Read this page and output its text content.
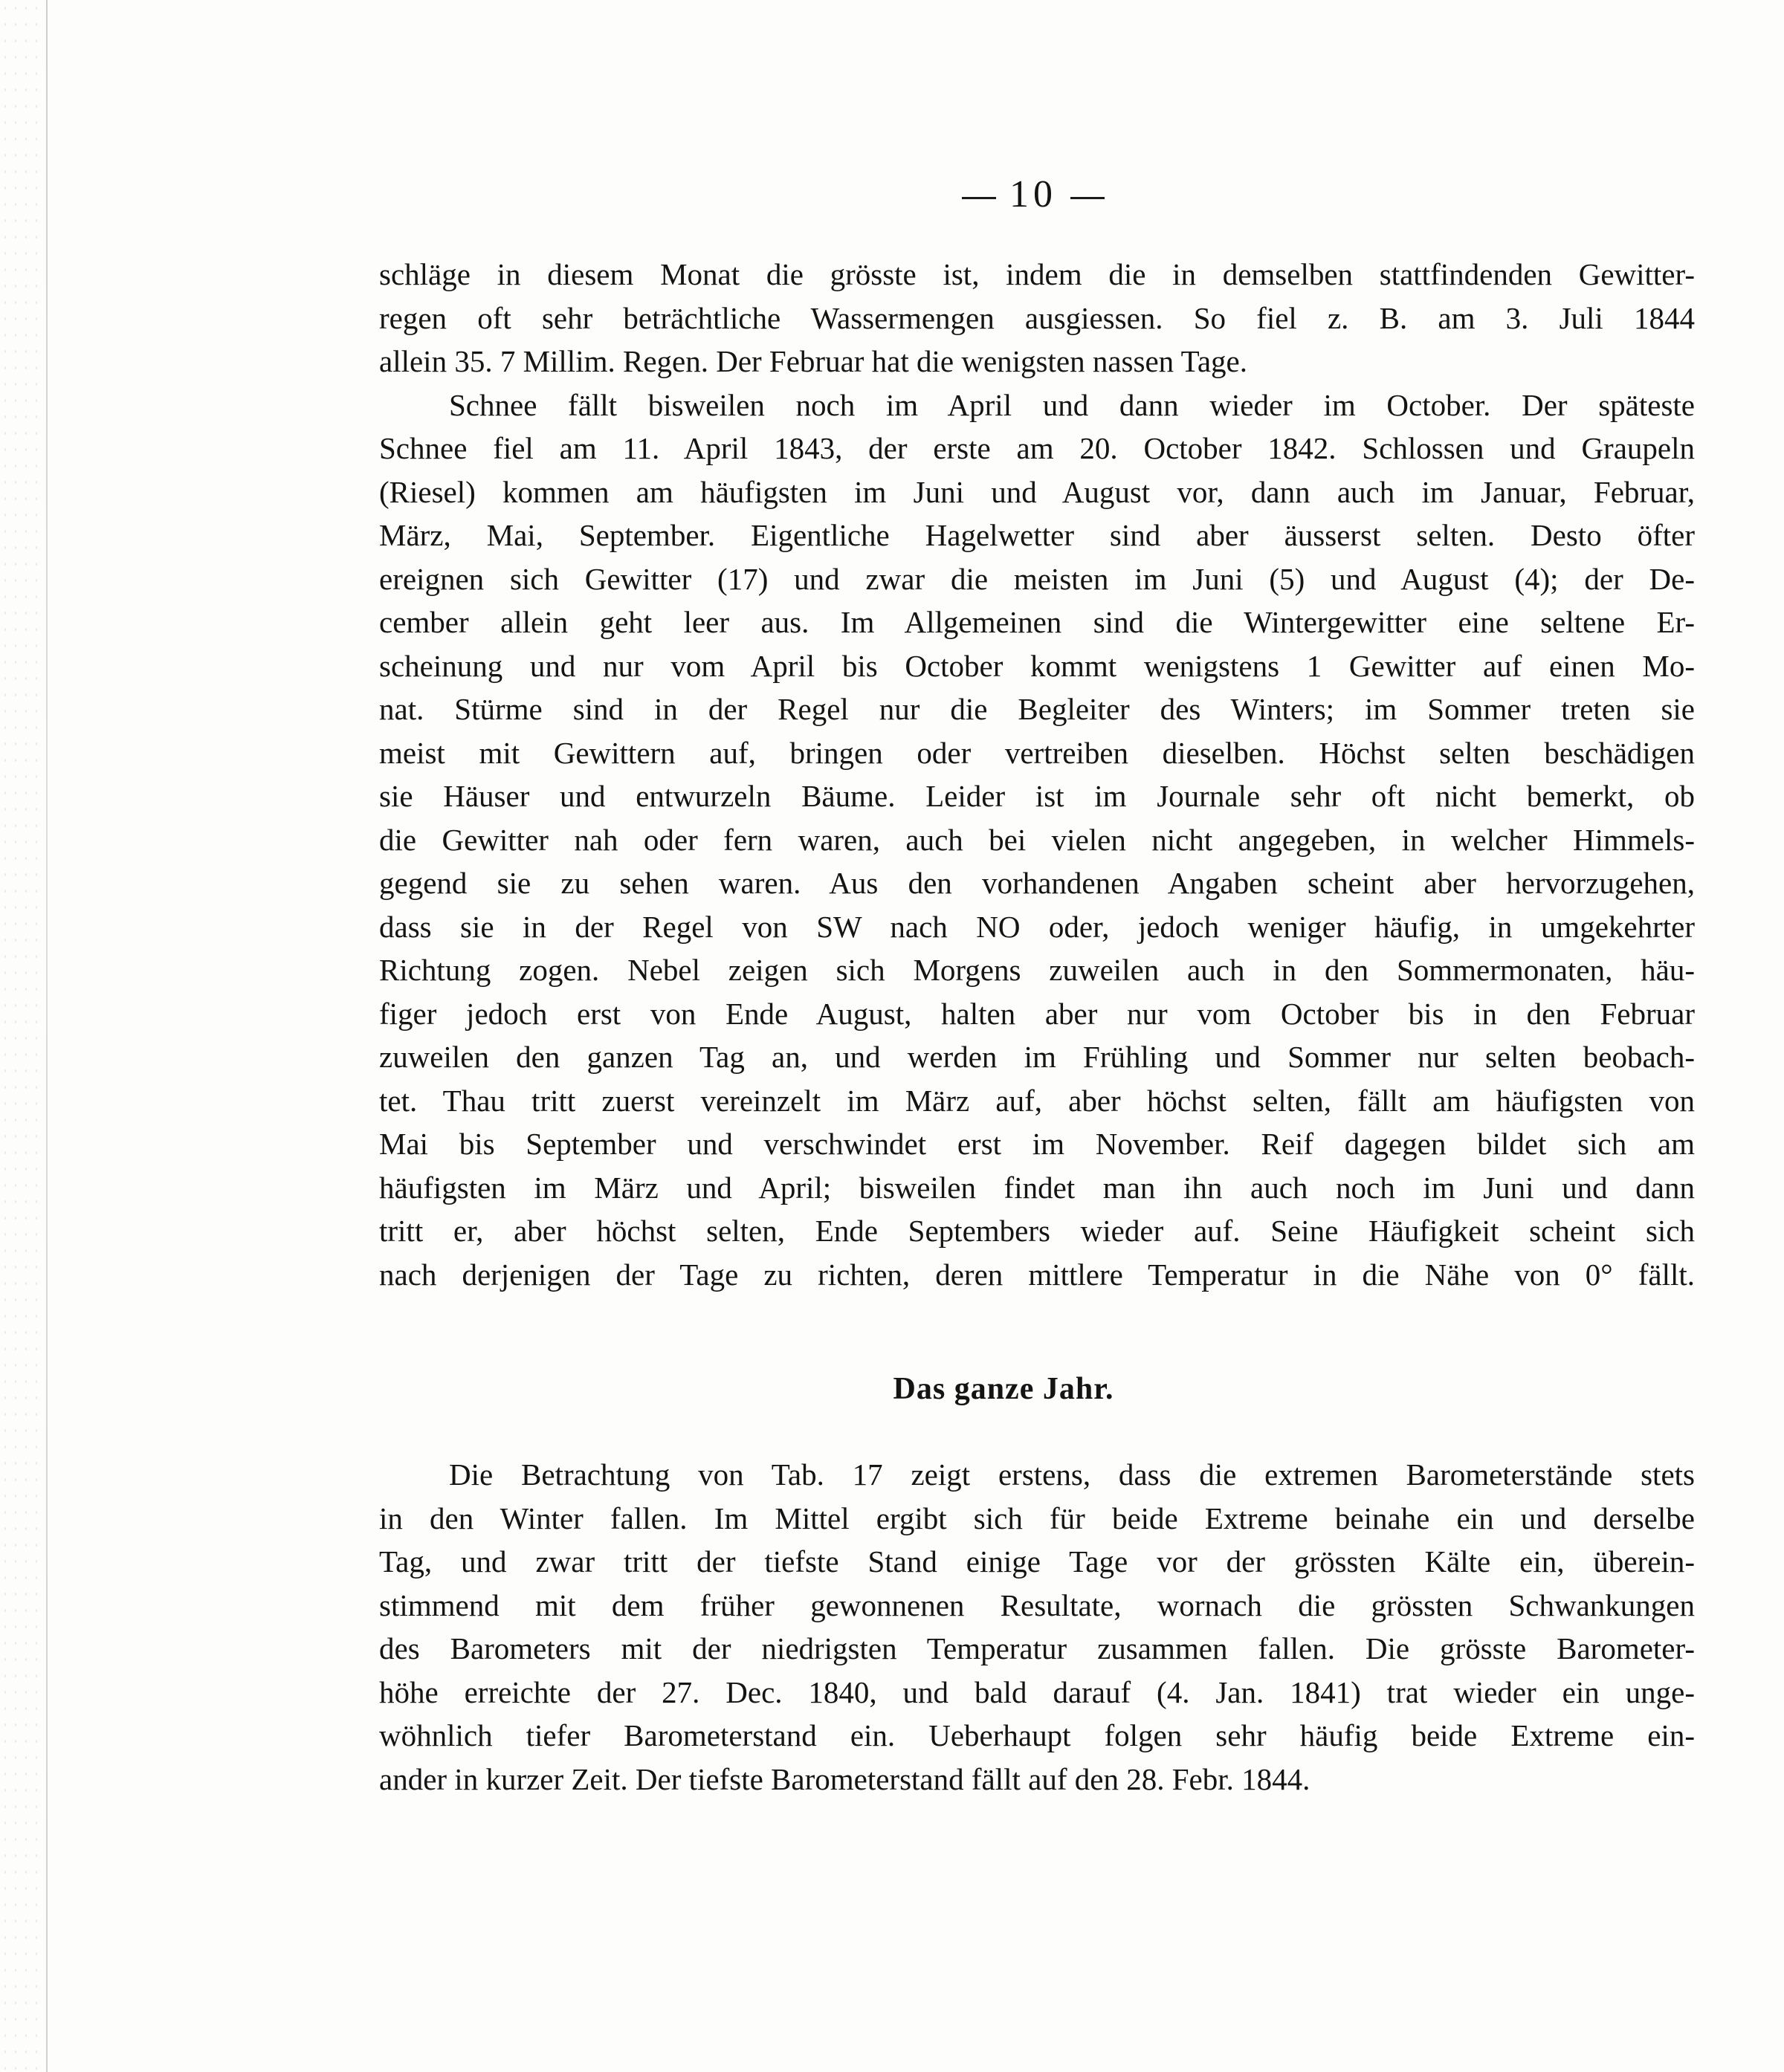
10
schläge in diesem Monat die grösste ist, indem die in demselben stattfindenden Gewitter-
regen oft sehr beträchtliche Wassermengen ausgiessen. So fiel z. B. am 3. Juli 1844
allein 35. 7 Millim. Regen. Der Februar hat die wenigsten nassen Tage.
Schnee fällt bisweilen noch im April und dann wieder im October. Der späteste
Schnee fiel am 11. April 1843, der erste am 20. October 1842. Schlossen und Graupeln
(Riesel) kommen am häufigsten im Juni und August vor, dann auch im Januar, Februar,
März, Mai, September. Eigentliche Hagelwetter sind aber äusserst selten. Desto öfter
ereignen sich Gewitter (17) und zwar die meisten im Juni (5) und August (4); der De-
cember allein geht leer aus. Im Allgemeinen sind die Wintergewitter eine seltene Er-
scheinung und nur vom April bis October kommt wenigstens 1 Gewitter auf einen Mo-
nat. Stürme sind in der Regel nur die Begleiter des Winters; im Sommer treten sie
meist mit Gewittern auf, bringen oder vertreiben dieselben. Höchst selten beschädigen
sie Häuser und entwurzeln Bäume. Leider ist im Journale sehr oft nicht bemerkt, ob
die Gewitter nah oder fern waren, auch bei vielen nicht angegeben, in welcher Himmels-
gegend sie zu sehen waren. Aus den vorhandenen Angaben scheint aber hervorzugehen,
dass sie in der Regel von SW nach NO oder, jedoch weniger häufig, in umgekehrter
Richtung zogen. Nebel zeigen sich Morgens zuweilen auch in den Sommermonaten, häu-
figer jedoch erst von Ende August, halten aber nur vom October bis in den Februar
zuweilen den ganzen Tag an, und werden im Frühling und Sommer nur selten beobach-
tet. Thau tritt zuerst vereinzelt im März auf, aber höchst selten, fällt am häufigsten von
Mai bis September und verschwindet erst im November. Reif dagegen bildet sich am
häufigsten im März und April; bisweilen findet man ihn auch noch im Juni und dann
tritt er, aber höchst selten, Ende Septembers wieder auf. Seine Häufigkeit scheint sich
nach derjenigen der Tage zu richten, deren mittlere Temperatur in die Nähe von 0° fällt.
Das ganze Jahr.
Die Betrachtung von Tab. 17 zeigt erstens, dass die extremen Barometerstände stets
in den Winter fallen. Im Mittel ergibt sich für beide Extreme beinahe ein und derselbe
Tag, und zwar tritt der tiefste Stand einige Tage vor der grössten Kälte ein, überein-
stimmend mit dem früher gewonnenen Resultate, wornach die grössten Schwankungen
des Barometers mit der niedrigsten Temperatur zusammen fallen. Die grösste Barometer-
höhe erreichte der 27. Dec. 1840, und bald darauf (4. Jan. 1841) trat wieder ein unge-
wöhnlich tiefer Barometerstand ein. Ueberhaupt folgen sehr häufig beide Extreme ein-
ander in kurzer Zeit. Der tiefste Barometerstand fällt auf den 28. Febr. 1844.
